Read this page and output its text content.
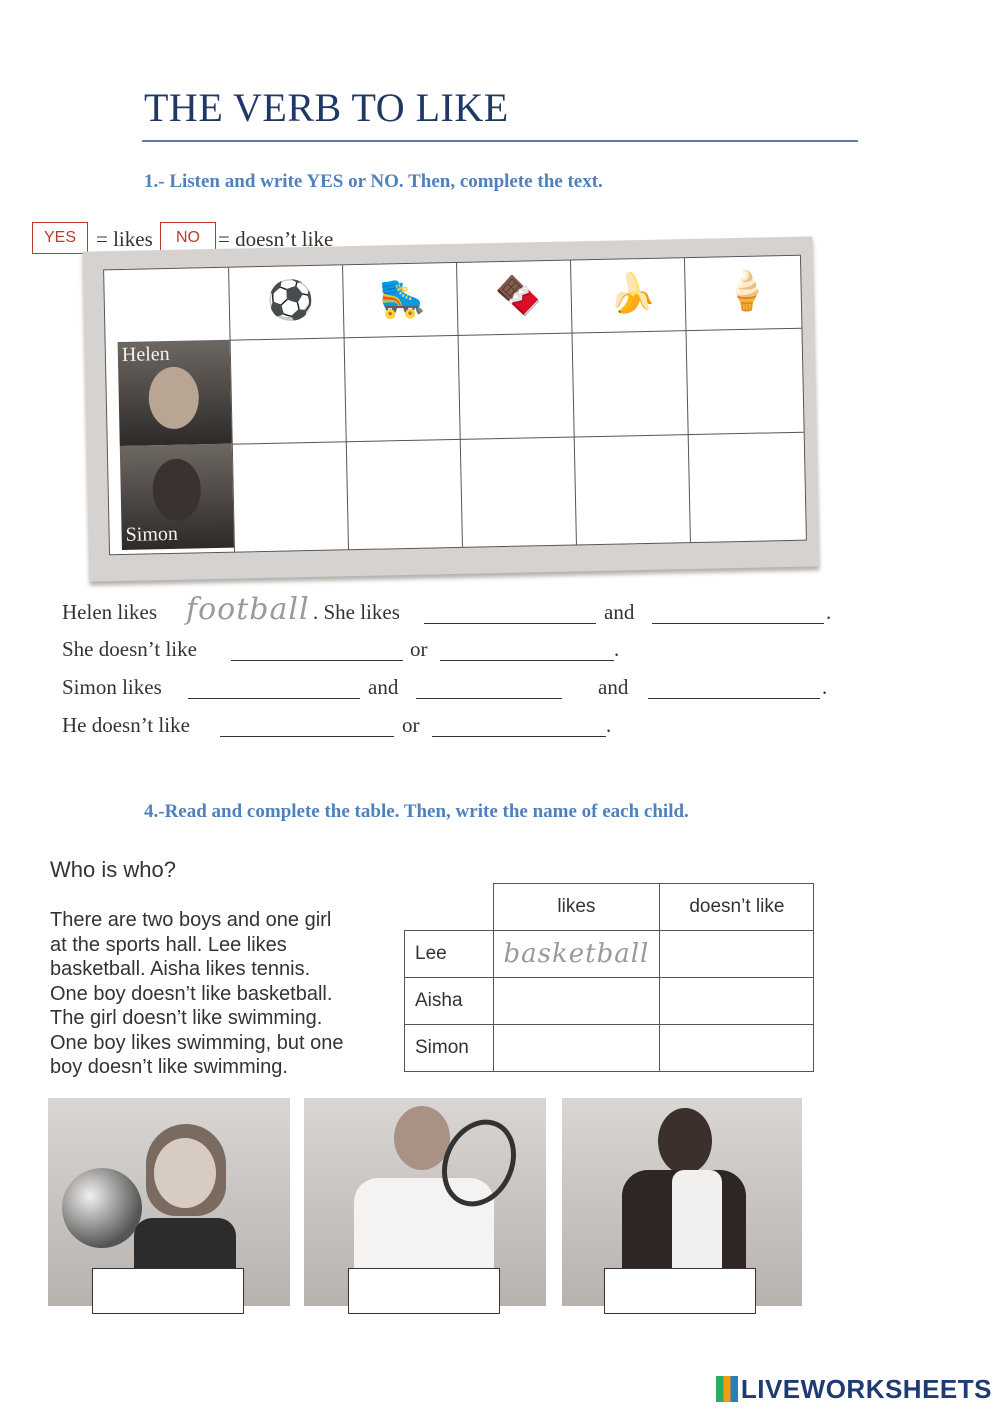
THE VERB TO LIKE
1.- Listen and write YES or NO. Then, complete the text.
YES = likes	NO = doesn’t like
⚽ 🛼 🍫 🍌 🍦
Helen
Simon
Helen likes football . She likes	and	.
She doesn’t like	or	.
Simon likes	and	and	.
He doesn’t like	or	.
4.-Read and complete the table. Then, write the name of each child.
Who is who?
There are two boys and one girl
at the sports hall. Lee likes
basketball. Aisha likes tennis.
One boy doesn’t like basketball.
The girl doesn’t like swimming.
One boy likes swimming, but one
boy doesn’t like swimming.
	likes	doesn’t like
Lee	basketball	
Aisha		
Simon		
LIVEWORKSHEETS
